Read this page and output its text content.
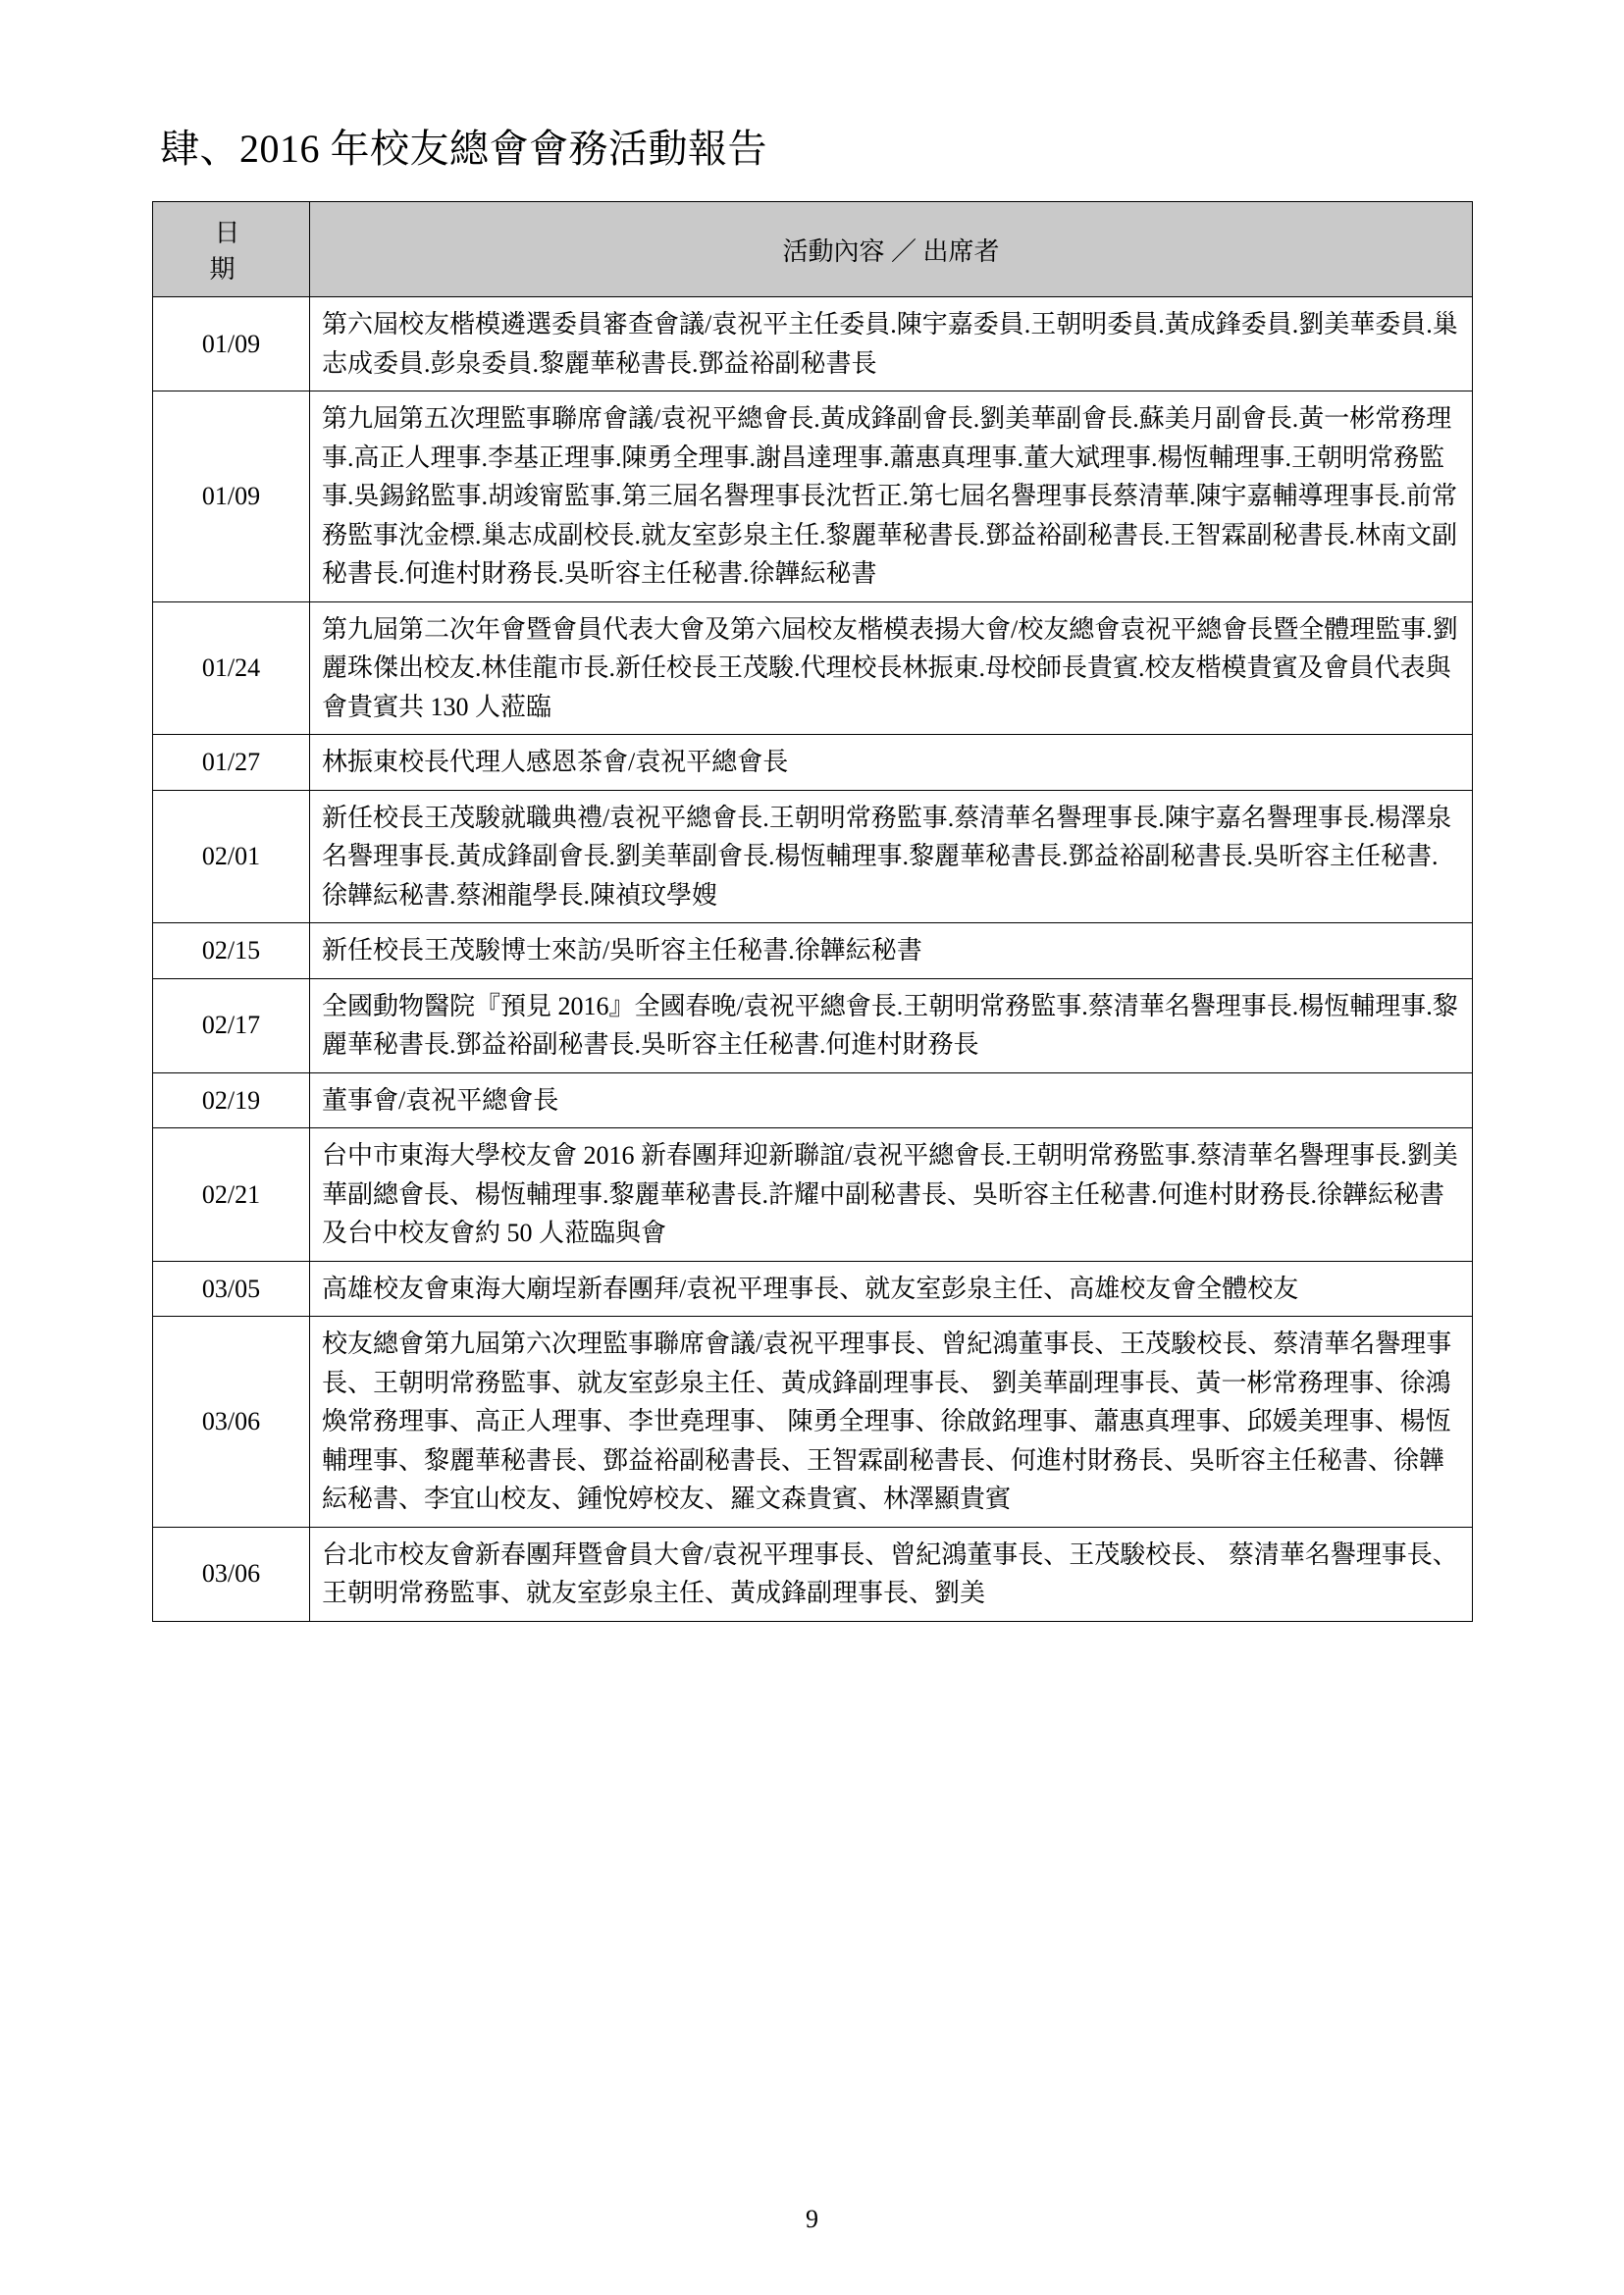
肆、2016 年校友總會會務活動報告
日　期	活動內容 ／ 出席者
01/09	第六屆校友楷模遴選委員審查會議/袁祝平主任委員.陳宇嘉委員.王朝明委員.黃成鋒委員.劉美華委員.巢志成委員.彭泉委員.黎麗華秘書長.鄧益裕副秘書長
01/09	第九屆第五次理監事聯席會議/袁祝平總會長.黃成鋒副會長.劉美華副會長.蘇美月副會長.黃一彬常務理事.高正人理事.李基正理事.陳勇全理事.謝昌達理事.蕭惠真理事.董大斌理事.楊恆輔理事.王朝明常務監事.吳錫銘監事.胡竣甯監事.第三屆名譽理事長沈哲正.第七屆名譽理事長蔡清華.陳宇嘉輔導理事長.前常務監事沈金標.巢志成副校長.就友室彭泉主任.黎麗華秘書長.鄧益裕副秘書長.王智霖副秘書長.林南文副秘書長.何進村財務長.吳昕容主任秘書.徐韡紜秘書
01/24	第九屆第二次年會暨會員代表大會及第六屆校友楷模表揚大會/校友總會袁祝平總會長暨全體理監事.劉麗珠傑出校友.林佳龍市長.新任校長王茂駿.代理校長林振東.母校師長貴賓.校友楷模貴賓及會員代表與會貴賓共 130 人蒞臨
01/27	林振東校長代理人感恩茶會/袁祝平總會長
02/01	新任校長王茂駿就職典禮/袁祝平總會長.王朝明常務監事.蔡清華名譽理事長.陳宇嘉名譽理事長.楊澤泉名譽理事長.黃成鋒副會長.劉美華副會長.楊恆輔理事.黎麗華秘書長.鄧益裕副秘書長.吳昕容主任秘書.徐韡紜秘書.蔡湘龍學長.陳禎玟學嫂
02/15	新任校長王茂駿博士來訪/吳昕容主任秘書.徐韡紜秘書
02/17	全國動物醫院『預見 2016』全國春晚/袁祝平總會長.王朝明常務監事.蔡清華名譽理事長.楊恆輔理事.黎麗華秘書長.鄧益裕副秘書長.吳昕容主任秘書.何進村財務長
02/19	董事會/袁祝平總會長
02/21	台中市東海大學校友會 2016 新春團拜迎新聯誼/袁祝平總會長.王朝明常務監事.蔡清華名譽理事長.劉美華副總會長、楊恆輔理事.黎麗華秘書長.許耀中副秘書長、吳昕容主任秘書.何進村財務長.徐韡紜秘書及台中校友會約 50 人蒞臨與會
03/05	高雄校友會東海大廟埕新春團拜/袁祝平理事長、就友室彭泉主任、高雄校友會全體校友
03/06	校友總會第九屆第六次理監事聯席會議/袁祝平理事長、曾紀鴻董事長、王茂駿校長、蔡清華名譽理事長、王朝明常務監事、就友室彭泉主任、黃成鋒副理事長、 劉美華副理事長、黃一彬常務理事、徐鴻煥常務理事、高正人理事、李世堯理事、 陳勇全理事、徐啟銘理事、蕭惠真理事、邱媛美理事、楊恆輔理事、黎麗華秘書長、鄧益裕副秘書長、王智霖副秘書長、何進村財務長、吳昕容主任秘書、徐韡紜秘書、李宜山校友、鍾悅婷校友、羅文森貴賓、林澤顯貴賓
03/06	台北市校友會新春團拜暨會員大會/袁祝平理事長、曾紀鴻董事長、王茂駿校長、 蔡清華名譽理事長、王朝明常務監事、就友室彭泉主任、黃成鋒副理事長、劉美
9
